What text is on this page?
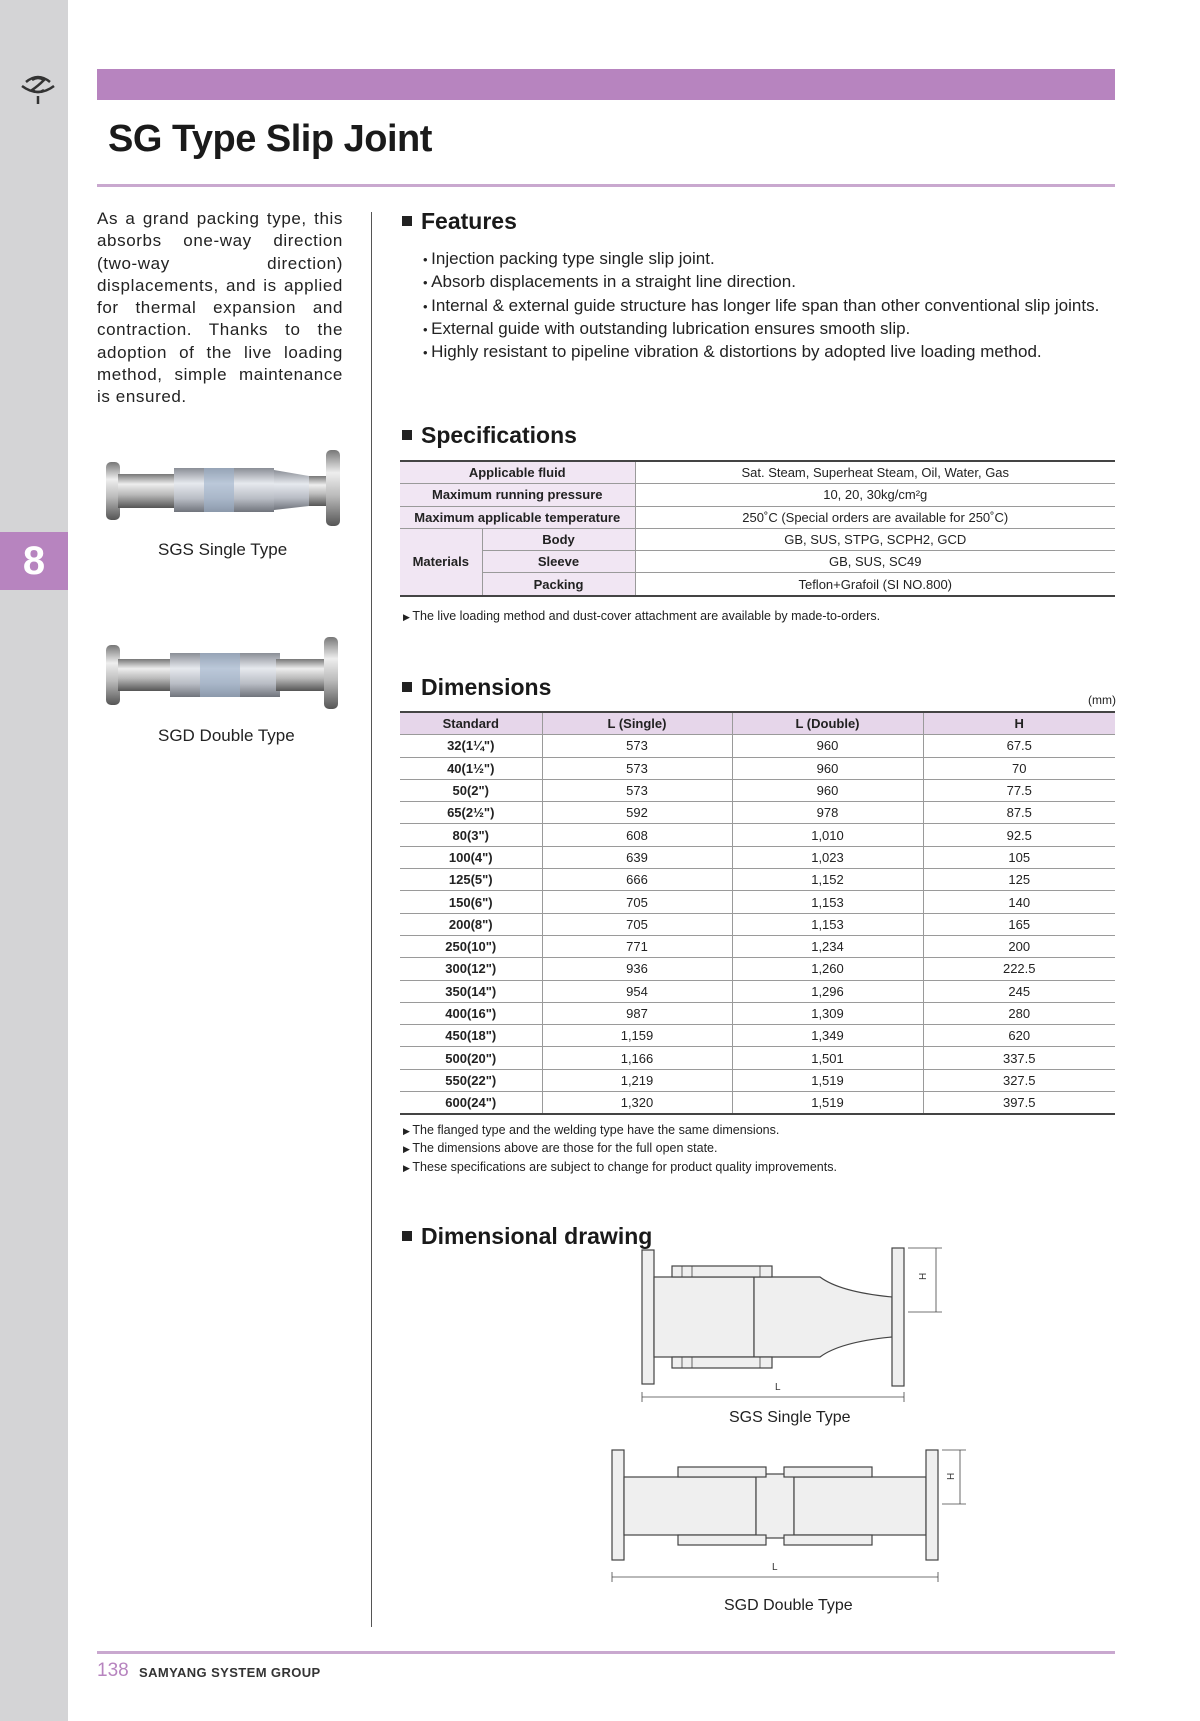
8
SG Type Slip Joint
As a grand packing type, this absorbs one-way direction (two-way direction) displacements, and is applied for thermal expansion and contraction. Thanks to the adoption of the live loading method, simple maintenance is ensured.
SGS Single Type
SGD Double Type
Features
• Injection packing type single slip joint.
• Absorb displacements in a straight line direction.
• Internal & external guide structure has longer life span than other conventional slip joints.
• External guide with outstanding lubrication ensures smooth slip.
• Highly resistant to pipeline vibration & distortions by adopted live loading method.
Specifications
Applicable fluid		Sat. Steam, Superheat Steam, Oil, Water, Gas
Maximum running pressure		10, 20, 30kg/cm²g
Maximum applicable temperature		250˚C (Special orders are available for 250˚C)
Materials	Body	GB, SUS, STPG, SCPH2, GCD
	Sleeve	GB, SUS, SC49
	Packing	Teflon+Grafoil (SI NO.800)
▶ The live loading method and dust-cover attachment are available by made-to-orders.
Dimensions	(mm)
Standard	L (Single)	L (Double)	H
32(1¼")	573	960	67.5
40(1½")	573	960	70
50(2")	573	960	77.5
65(2½")	592	978	87.5
80(3")	608	1,010	92.5
100(4")	639	1,023	105
125(5")	666	1,152	125
150(6")	705	1,153	140
200(8")	705	1,153	165
250(10")	771	1,234	200
300(12")	936	1,260	222.5
350(14")	954	1,296	245
400(16")	987	1,309	280
450(18")	1,159	1,349	620
500(20")	1,166	1,501	337.5
550(22")	1,219	1,519	327.5
600(24")	1,320	1,519	397.5
▶ The flanged type and the welding type have the same dimensions.
▶ The dimensions above are those for the full open state.
▶ These specifications are subject to change for product quality improvements.
Dimensional drawing
L
H
SGS Single Type
L
H
SGD Double Type
138 SAMYANG SYSTEM GROUP
